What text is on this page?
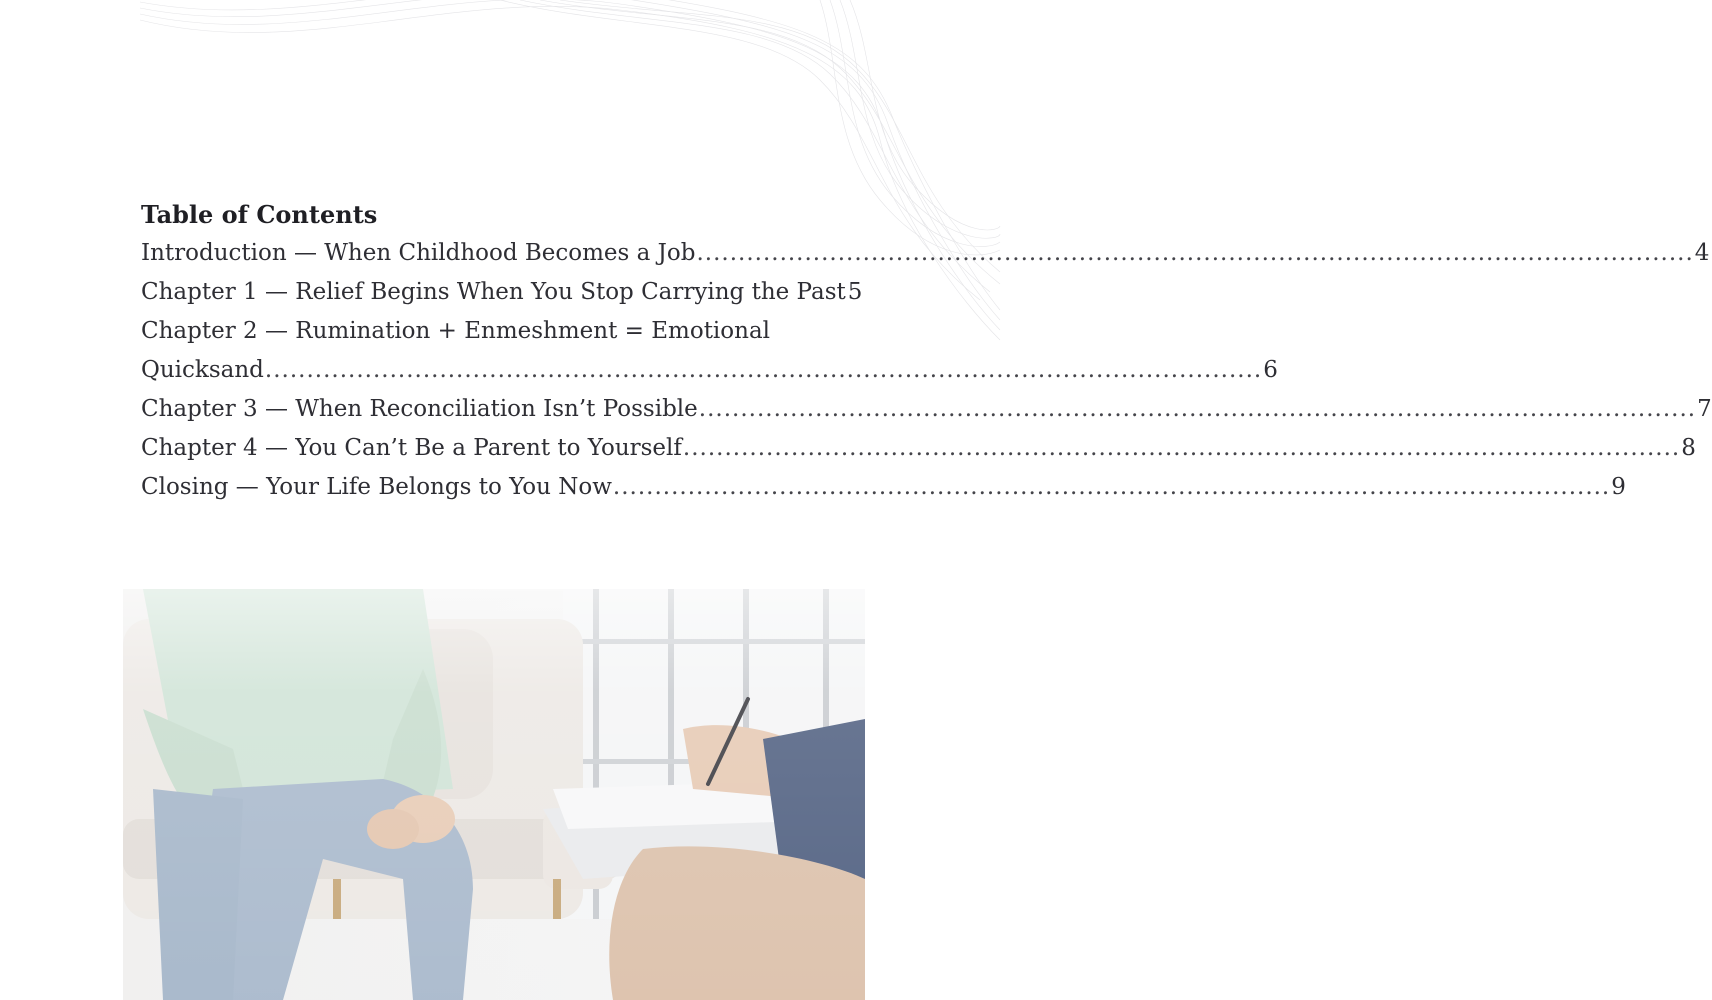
Table of Contents
Introduction — When Childhood Becomes a Job ........................................................................................................................ 4
Chapter 1 — Relief Begins When You Stop Carrying the Past 5
Chapter 2 — Rumination + Enmeshment = Emotional
Quicksand ........................................................................................................................ 6
Chapter 3 — When Reconciliation Isn’t Possible ........................................................................................................................ 7
Chapter 4 — You Can’t Be a Parent to Yourself ........................................................................................................................ 8
Closing — Your Life Belongs to You Now ........................................................................................................................ 9
